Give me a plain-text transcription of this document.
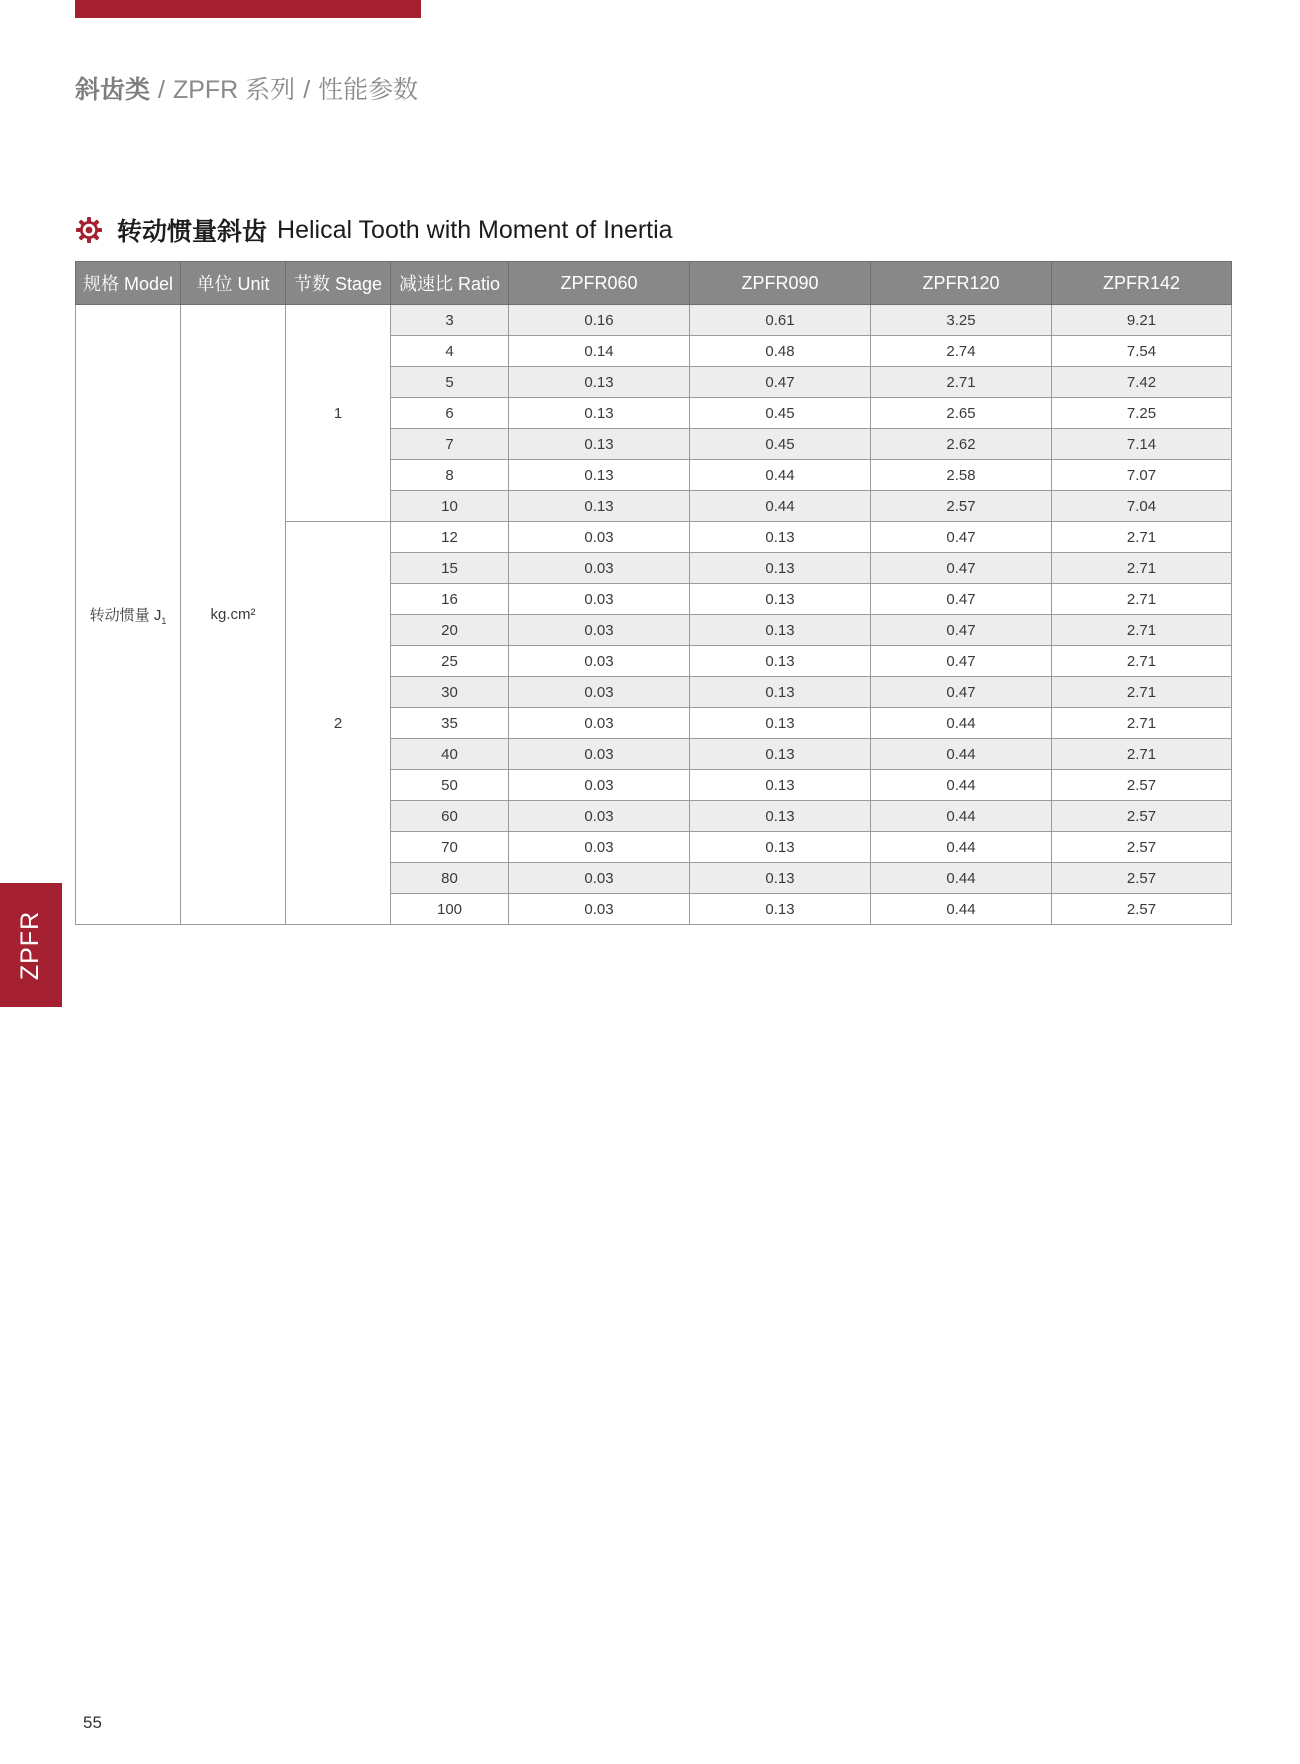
斜齿类 / ZPFR 系列 / 性能参数
转动惯量斜齿 Helical Tooth with Moment of Inertia
规格 Model	单位 Unit	节数 Stage	减速比 Ratio	ZPFR060	ZPFR090	ZPFR120	ZPFR142
转动惯量 $J_1$	kg.cm²	1	3	0.16	0.61	3.25	9.21
			4	0.14	0.48	2.74	7.54
			5	0.13	0.47	2.71	7.42
			6	0.13	0.45	2.65	7.25
			7	0.13	0.45	2.62	7.14
			8	0.13	0.44	2.58	7.07
			10	0.13	0.44	2.57	7.04
		2	12	0.03	0.13	0.47	2.71
			15	0.03	0.13	0.47	2.71
			16	0.03	0.13	0.47	2.71
			20	0.03	0.13	0.47	2.71
			25	0.03	0.13	0.47	2.71
			30	0.03	0.13	0.47	2.71
			35	0.03	0.13	0.44	2.71
			40	0.03	0.13	0.44	2.71
			50	0.03	0.13	0.44	2.57
			60	0.03	0.13	0.44	2.57
			70	0.03	0.13	0.44	2.57
			80	0.03	0.13	0.44	2.57
			100	0.03	0.13	0.44	2.57
ZPFR
55
